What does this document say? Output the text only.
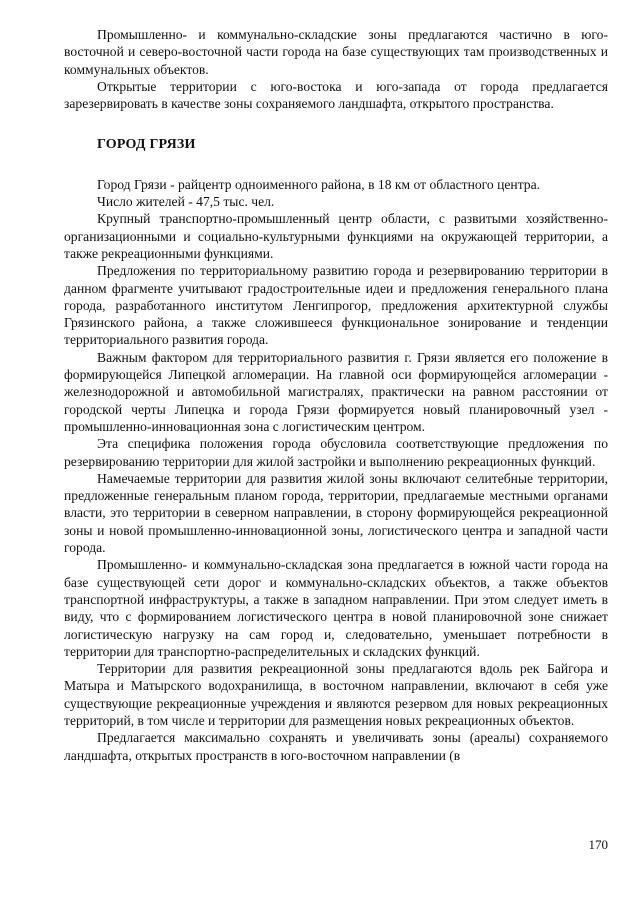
Промышленно- и коммунально-складские зоны предлагаются частично в юго-восточной и северо-восточной части города на базе существующих там производственных и коммунальных объектов.

Открытые территории с юго-востока и юго-запада от города предлагается зарезервировать в качестве зоны сохраняемого ландшафта, открытого пространства.

ГОРОД ГРЯЗИ

Город Грязи - райцентр одноименного района, в 18 км от областного центра.

Число жителей - 47,5 тыс. чел.

Крупный транспортно-промышленный центр области, с развитыми хозяйственно-организационными и социально-культурными функциями на окружающей территории, а также рекреационными функциями.

Предложения по территориальному развитию города и резервированию территории в данном фрагменте учитывают градостроительные идеи и предложения генерального плана города, разработанного институтом Ленгипрогор, предложения архитектурной службы Грязинского района, а также сложившееся функциональное зонирование и тенденции территориального развития города.

Важным фактором для территориального развития г. Грязи является его положение в формирующейся Липецкой агломерации. На главной оси формирующейся агломерации - железнодорожной и автомобильной магистралях, практически на равном расстоянии от городской черты Липецка и города Грязи формируется новый планировочный узел - промышленно-инновационная зона с логистическим центром.

Эта специфика положения города обусловила соответствующие предложения по резервированию территории для жилой застройки и выполнению рекреационных функций.

Намечаемые территории для развития жилой зоны включают селитебные территории, предложенные генеральным планом города, территории, предлагаемые местными органами власти, это территории в северном направлении, в сторону формирующейся рекреационной зоны и новой промышленно-инновационной зоны, логистического центра и западной части города.

Промышленно- и коммунально-складская зона предлагается в южной части города на базе существующей сети дорог и коммунально-складских объектов, а также объектов транспортной инфраструктуры, а также в западном направлении. При этом следует иметь в виду, что с формированием логистического центра в новой планировочной зоне снижает логистическую нагрузку на сам город и, следовательно, уменьшает потребности в территории для транспортно-распределительных и складских функций.

Территории для развития рекреационной зоны предлагаются вдоль рек Байгора и Матыра и Матырского водохранилища, в восточном направлении, включают в себя уже существующие рекреационные учреждения и являются резервом для новых рекреационных территорий, в том числе и территории для размещения новых рекреационных объектов.

Предлагается максимально сохранять и увеличивать зоны (ареалы) сохраняемого ландшафта, открытых пространств в юго-восточном направлении (в

170
